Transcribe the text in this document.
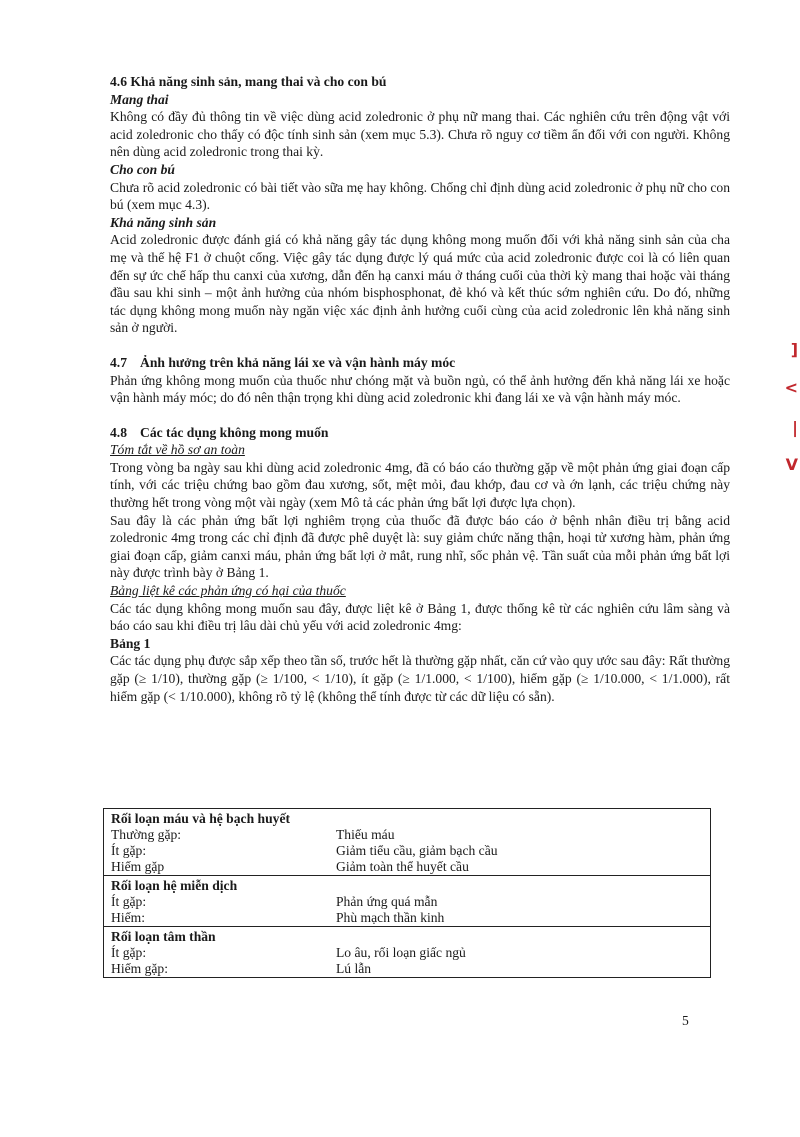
4.6 Khả năng sinh sản, mang thai và cho con bú

Mang thai

Không có đầy đủ thông tin về việc dùng acid zoledronic ở phụ nữ mang thai. Các nghiên cứu trên động vật với acid zoledronic cho thấy có độc tính sinh sản (xem mục 5.3). Chưa rõ nguy cơ tiềm ẩn đối với con người. Không nên dùng acid zoledronic trong thai kỳ.

Cho con bú

Chưa rõ acid zoledronic có bài tiết vào sữa mẹ hay không. Chống chỉ định dùng acid zoledronic ở phụ nữ cho con bú (xem mục 4.3).

Khả năng sinh sản

Acid zoledronic được đánh giá có khả năng gây tác dụng không mong muốn đối với khả năng sinh sản của cha mẹ và thế hệ F1 ở chuột cống. Việc gây tác dụng được lý quá mức của acid zoledronic được coi là có liên quan đến sự ức chế hấp thu canxi của xương, dẫn đến hạ canxi máu ở tháng cuối của thời kỳ mang thai hoặc vài tháng đầu sau khi sinh – một ảnh hưởng của nhóm bisphosphonat, đẻ khó và kết thúc sớm nghiên cứu. Do đó, những tác dụng không mong muốn này ngăn việc xác định ảnh hưởng cuối cùng của acid zoledronic lên khả năng sinh sản ở người.

4.7 Ảnh hưởng trên khả năng lái xe và vận hành máy móc

Phản ứng không mong muốn của thuốc như chóng mặt và buồn ngủ, có thể ảnh hưởng đến khả năng lái xe hoặc vận hành máy móc; do đó nên thận trọng khi dùng acid zoledronic khi đang lái xe và vận hành máy móc.

4.8 Các tác dụng không mong muốn

Tóm tắt về hồ sơ an toàn

Trong vòng ba ngày sau khi dùng acid zoledronic 4mg, đã có báo cáo thường gặp về một phản ứng giai đoạn cấp tính, với các triệu chứng bao gồm đau xương, sốt, mệt mỏi, đau khớp, đau cơ và ớn lạnh, các triệu chứng này thường hết trong vòng một vài ngày (xem Mô tả các phản ứng bất lợi được lựa chọn).

Sau đây là các phản ứng bất lợi nghiêm trọng của thuốc đã được báo cáo ở bệnh nhân điều trị bằng acid zoledronic 4mg trong các chỉ định đã được phê duyệt là: suy giảm chức năng thận, hoại tử xương hàm, phản ứng giai đoạn cấp, giảm canxi máu, phản ứng bất lợi ở mắt, rung nhĩ, sốc phản vệ. Tần suất của mỗi phản ứng bất lợi này được trình bày ở Bảng 1.

Bảng liệt kê các phản ứng có hại của thuốc

Các tác dụng không mong muốn sau đây, được liệt kê ở Bảng 1, được thống kê từ các nghiên cứu lâm sàng và báo cáo sau khi điều trị lâu dài chủ yếu với acid zoledronic 4mg:

Bảng 1

Các tác dụng phụ được sắp xếp theo tần số, trước hết là thường gặp nhất, căn cứ vào quy ước sau đây: Rất thường gặp (≥ 1/10), thường gặp (≥ 1/100, < 1/10), ít gặp (≥ 1/1.000, < 1/100), hiếm gặp (≥ 1/10.000, < 1/1.000), rất hiếm gặp (< 1/10.000), không rõ tỷ lệ (không thể tính được từ các dữ liệu có sẵn).

Rối loạn máu và hệ bạch huyết	
Thường gặp:	Thiếu máu
Ít gặp:	Giảm tiểu cầu, giảm bạch cầu
Hiếm gặp	Giảm toàn thể huyết cầu
Rối loạn hệ miễn dịch	
Ít gặp:	Phản ứng quá mẫn
Hiếm:	Phù mạch thần kinh
Rối loạn tâm thần	
Ít gặp:	Lo âu, rối loạn giấc ngủ
Hiếm gặp:	Lú lẫn
5
]
<
|
V
